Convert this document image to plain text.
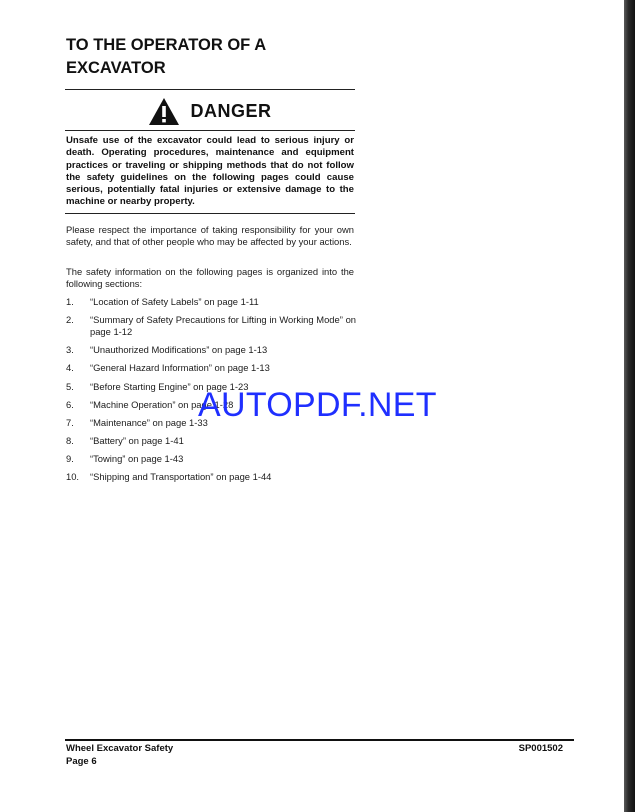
TO THE OPERATOR OF A
EXCAVATOR
DANGER

Unsafe use of the excavator could lead to serious injury or death. Operating procedures, maintenance and equipment practices or traveling or shipping methods that do not follow the safety guidelines on the following pages could cause serious, potentially fatal injuries or extensive damage to the machine or nearby property.

Please respect the importance of taking responsibility for your own safety, and that of other people who may be affected by your actions.

The safety information on the following pages is organized into the following sections:

1.	“Location of Safety Labels” on page 1-11
2.	“Summary of Safety Precautions for Lifting in Working Mode” on page 1-12
3.	“Unauthorized Modifications” on page 1-13
4.	“General Hazard Information” on page 1-13
5.	“Before Starting Engine” on page 1-23
6.	“Machine Operation” on page 1-28
7.	“Maintenance” on page 1-33
8.	“Battery” on page 1-41
9.	“Towing” on page 1-43
10.	“Shipping and Transportation” on page 1-44
AUTOPDF.NET
Wheel Excavator Safety
Page 6
SP001502
